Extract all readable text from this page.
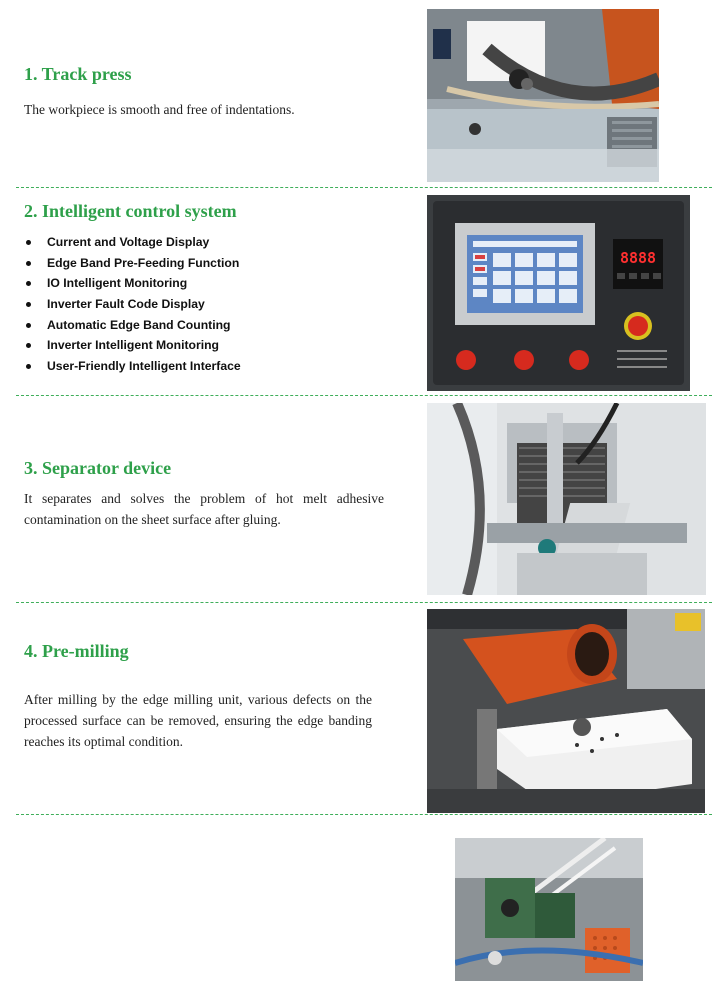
1. Track press
The workpiece is smooth and free of indentations.
2. Intelligent control system
Current and Voltage Display
Edge Band Pre-Feeding Function
IO Intelligent Monitoring
Inverter Fault Code Display
Automatic Edge Band Counting
Inverter Intelligent Monitoring
User-Friendly Intelligent Interface
8888
3. Separator device
It separates and solves the problem of hot melt adhesive contamination on the sheet surface after gluing.
4. Pre-milling
After milling by the edge milling unit, various defects on the processed surface can be removed, ensuring the edge banding reaches its optimal condition.
